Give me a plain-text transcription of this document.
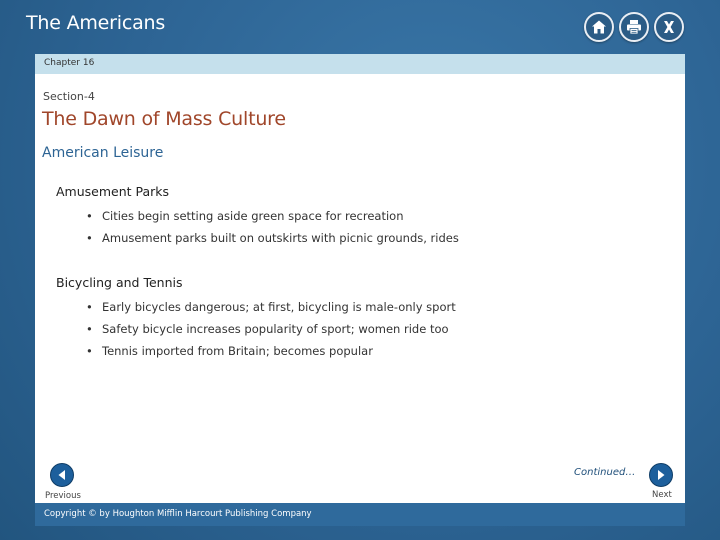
The Americans
Chapter 16
Section-4
The Dawn of Mass Culture
American Leisure
Amusement Parks
• Cities begin setting aside green space for recreation
• Amusement parks built on outskirts with picnic grounds, rides
Bicycling and Tennis
• Early bicycles dangerous; at first, bicycling is male-only sport
• Safety bicycle increases popularity of sport; women ride too
• Tennis imported from Britain; becomes popular
Continued…
Previous	Next
Copyright © by Houghton Mifflin Harcourt Publishing Company
